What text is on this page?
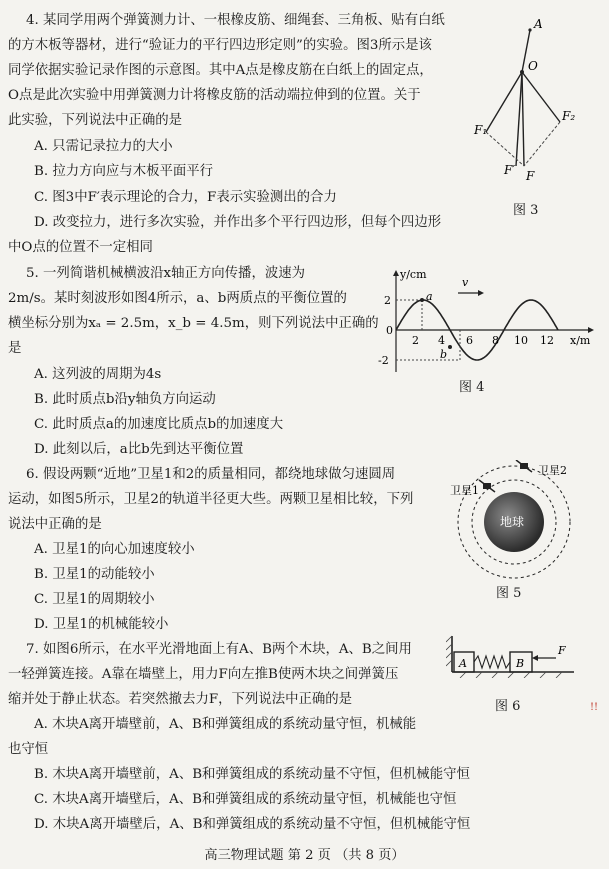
4. 某同学用两个弹簧测力计、一根橡皮筋、细绳套、三角板、贴有白纸
的方木板等器材，进行“验证力的平行四边形定则”的实验。图3所示是该
同学依据实验记录作图的示意图。其中A点是橡皮筋在白纸上的固定点，
O点是此次实验中用弹簧测力计将橡皮筋的活动端拉伸到的位置。关于
此实验，下列说法中正确的是
A. 只需记录拉力的大小
B. 拉力方向应与木板平面平行
C. 图3中F′表示理论的合力，F表示实验测出的合力
D. 改变拉力，进行多次实验，并作出多个平行四边形，但每个四边形
中O点的位置不一定相同
A
O
F₁
F₂
F′ F
图 3
5. 一列简谐机械横波沿x轴正方向传播，波速为
2m/s。某时刻波形如图4所示，a、b两质点的平衡位置的
横坐标分别为xₐ = 2.5m，x_b = 4.5m，则下列说法中正确的
是
A. 这列波的周期为4s
B. 此时质点b沿y轴负方向运动
C. 此时质点a的加速度比质点b的加速度大
D. 此刻以后，a比b先到达平衡位置
y/cm
x/m
0
2
-2
2 4 6 8 10 12
a
b
v
图 4
6. 假设两颗“近地”卫星1和2的质量相同，都绕地球做匀速圆周
运动，如图5所示，卫星2的轨道半径更大些。两颗卫星相比较，下列
说法中正确的是
A. 卫星1的向心加速度较小
B. 卫星1的动能较小
C. 卫星1的周期较小
D. 卫星1的机械能较小
地球
卫星1
卫星2
图 5
7. 如图6所示，在水平光滑地面上有A、B两个木块，A、B之间用
一轻弹簧连接。A靠在墙壁上，用力F向左推B使两木块之间弹簧压
缩并处于静止状态。若突然撤去力F，下列说法中正确的是
A. 木块A离开墙壁前，A、B和弹簧组成的系统动量守恒，机械能
也守恒
B. 木块A离开墙壁前，A、B和弹簧组成的系统动量不守恒，但机械能守恒
C. 木块A离开墙壁后，A、B和弹簧组成的系统动量守恒，机械能也守恒
D. 木块A离开墙壁后，A、B和弹簧组成的系统动量不守恒，但机械能守恒
A	B
F
图 6	!!
高三物理试题 第 2 页 （共 8 页）
